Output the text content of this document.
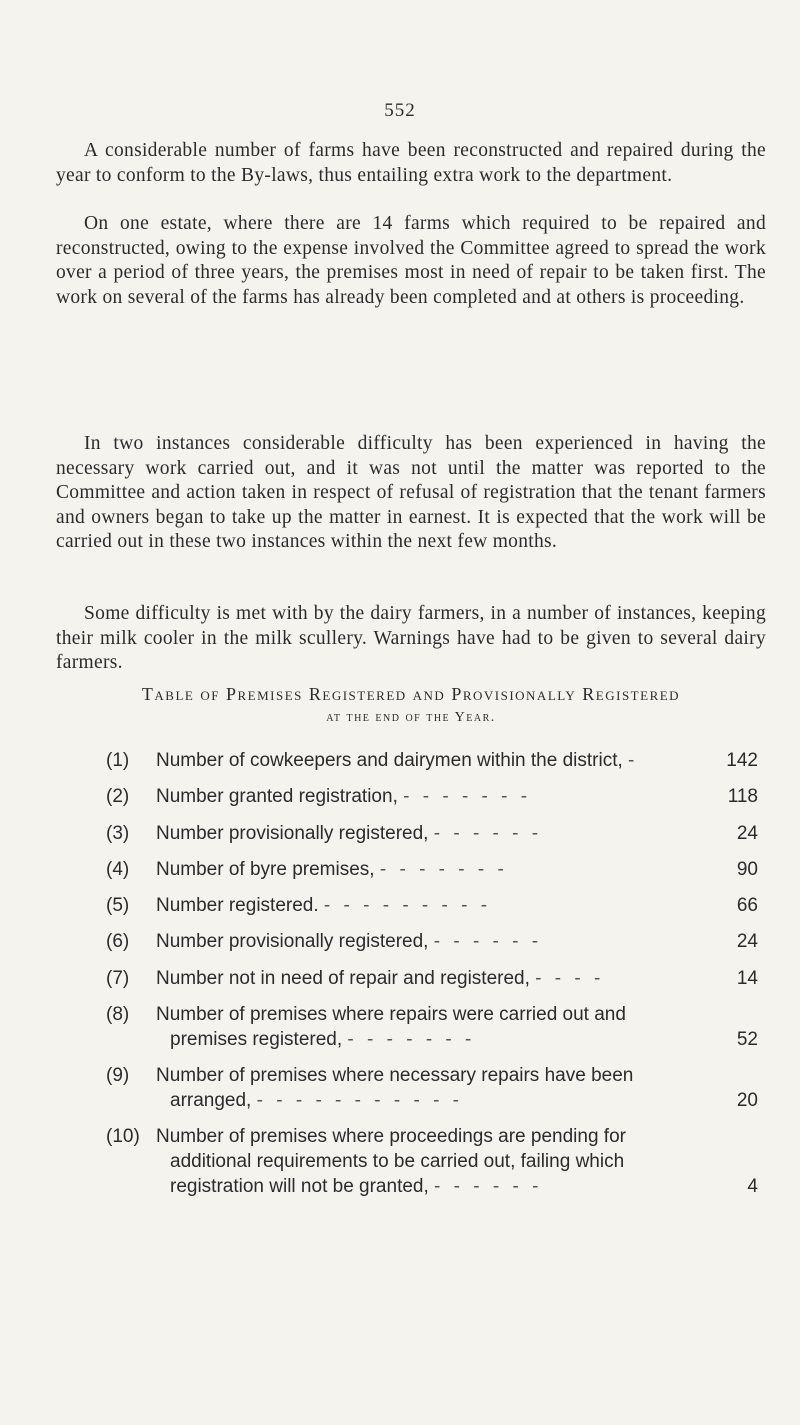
552

A considerable number of farms have been reconstructed and repaired during the year to conform to the By-laws, thus entailing extra work to the department.

On one estate, where there are 14 farms which required to be repaired and reconstructed, owing to the expense involved the Committee agreed to spread the work over a period of three years, the premises most in need of repair to be taken first. The work on several of the farms has already been completed and at others is proceeding.

In two instances considerable difficulty has been experienced in having the necessary work carried out, and it was not until the matter was reported to the Committee and action taken in respect of refusal of registration that the tenant farmers and owners began to take up the matter in earnest. It is expected that the work will be carried out in these two instances within the next few months.

Some difficulty is met with by the dairy farmers, in a number of instances, keeping their milk cooler in the milk scullery. Warnings have had to be given to several dairy farmers.

Table of Premises Registered and Provisionally Registered
at the end of the Year.
(1)	Number of cowkeepers and dairymen within the district, -	142
(2)	Number granted registration, - - - - - - -	118
(3)	Number provisionally registered, - - - - - -	24
(4)	Number of byre premises, - - - - - - -	90
(5)	Number registered. - - - - - - - - -	66
(6)	Number provisionally registered, - - - - - -	24
(7)	Number not in need of repair and registered, - - - -	14
(8)	Number of premises where repairs were carried out and
premises registered, - - - - - - -	52
(9)	Number of premises where necessary repairs have been
arranged, - - - - - - - - - - -	20
(10) Number of premises where proceedings are pending for
additional requirements to be carried out, failing which
registration will not be granted, - - - - - -	4
